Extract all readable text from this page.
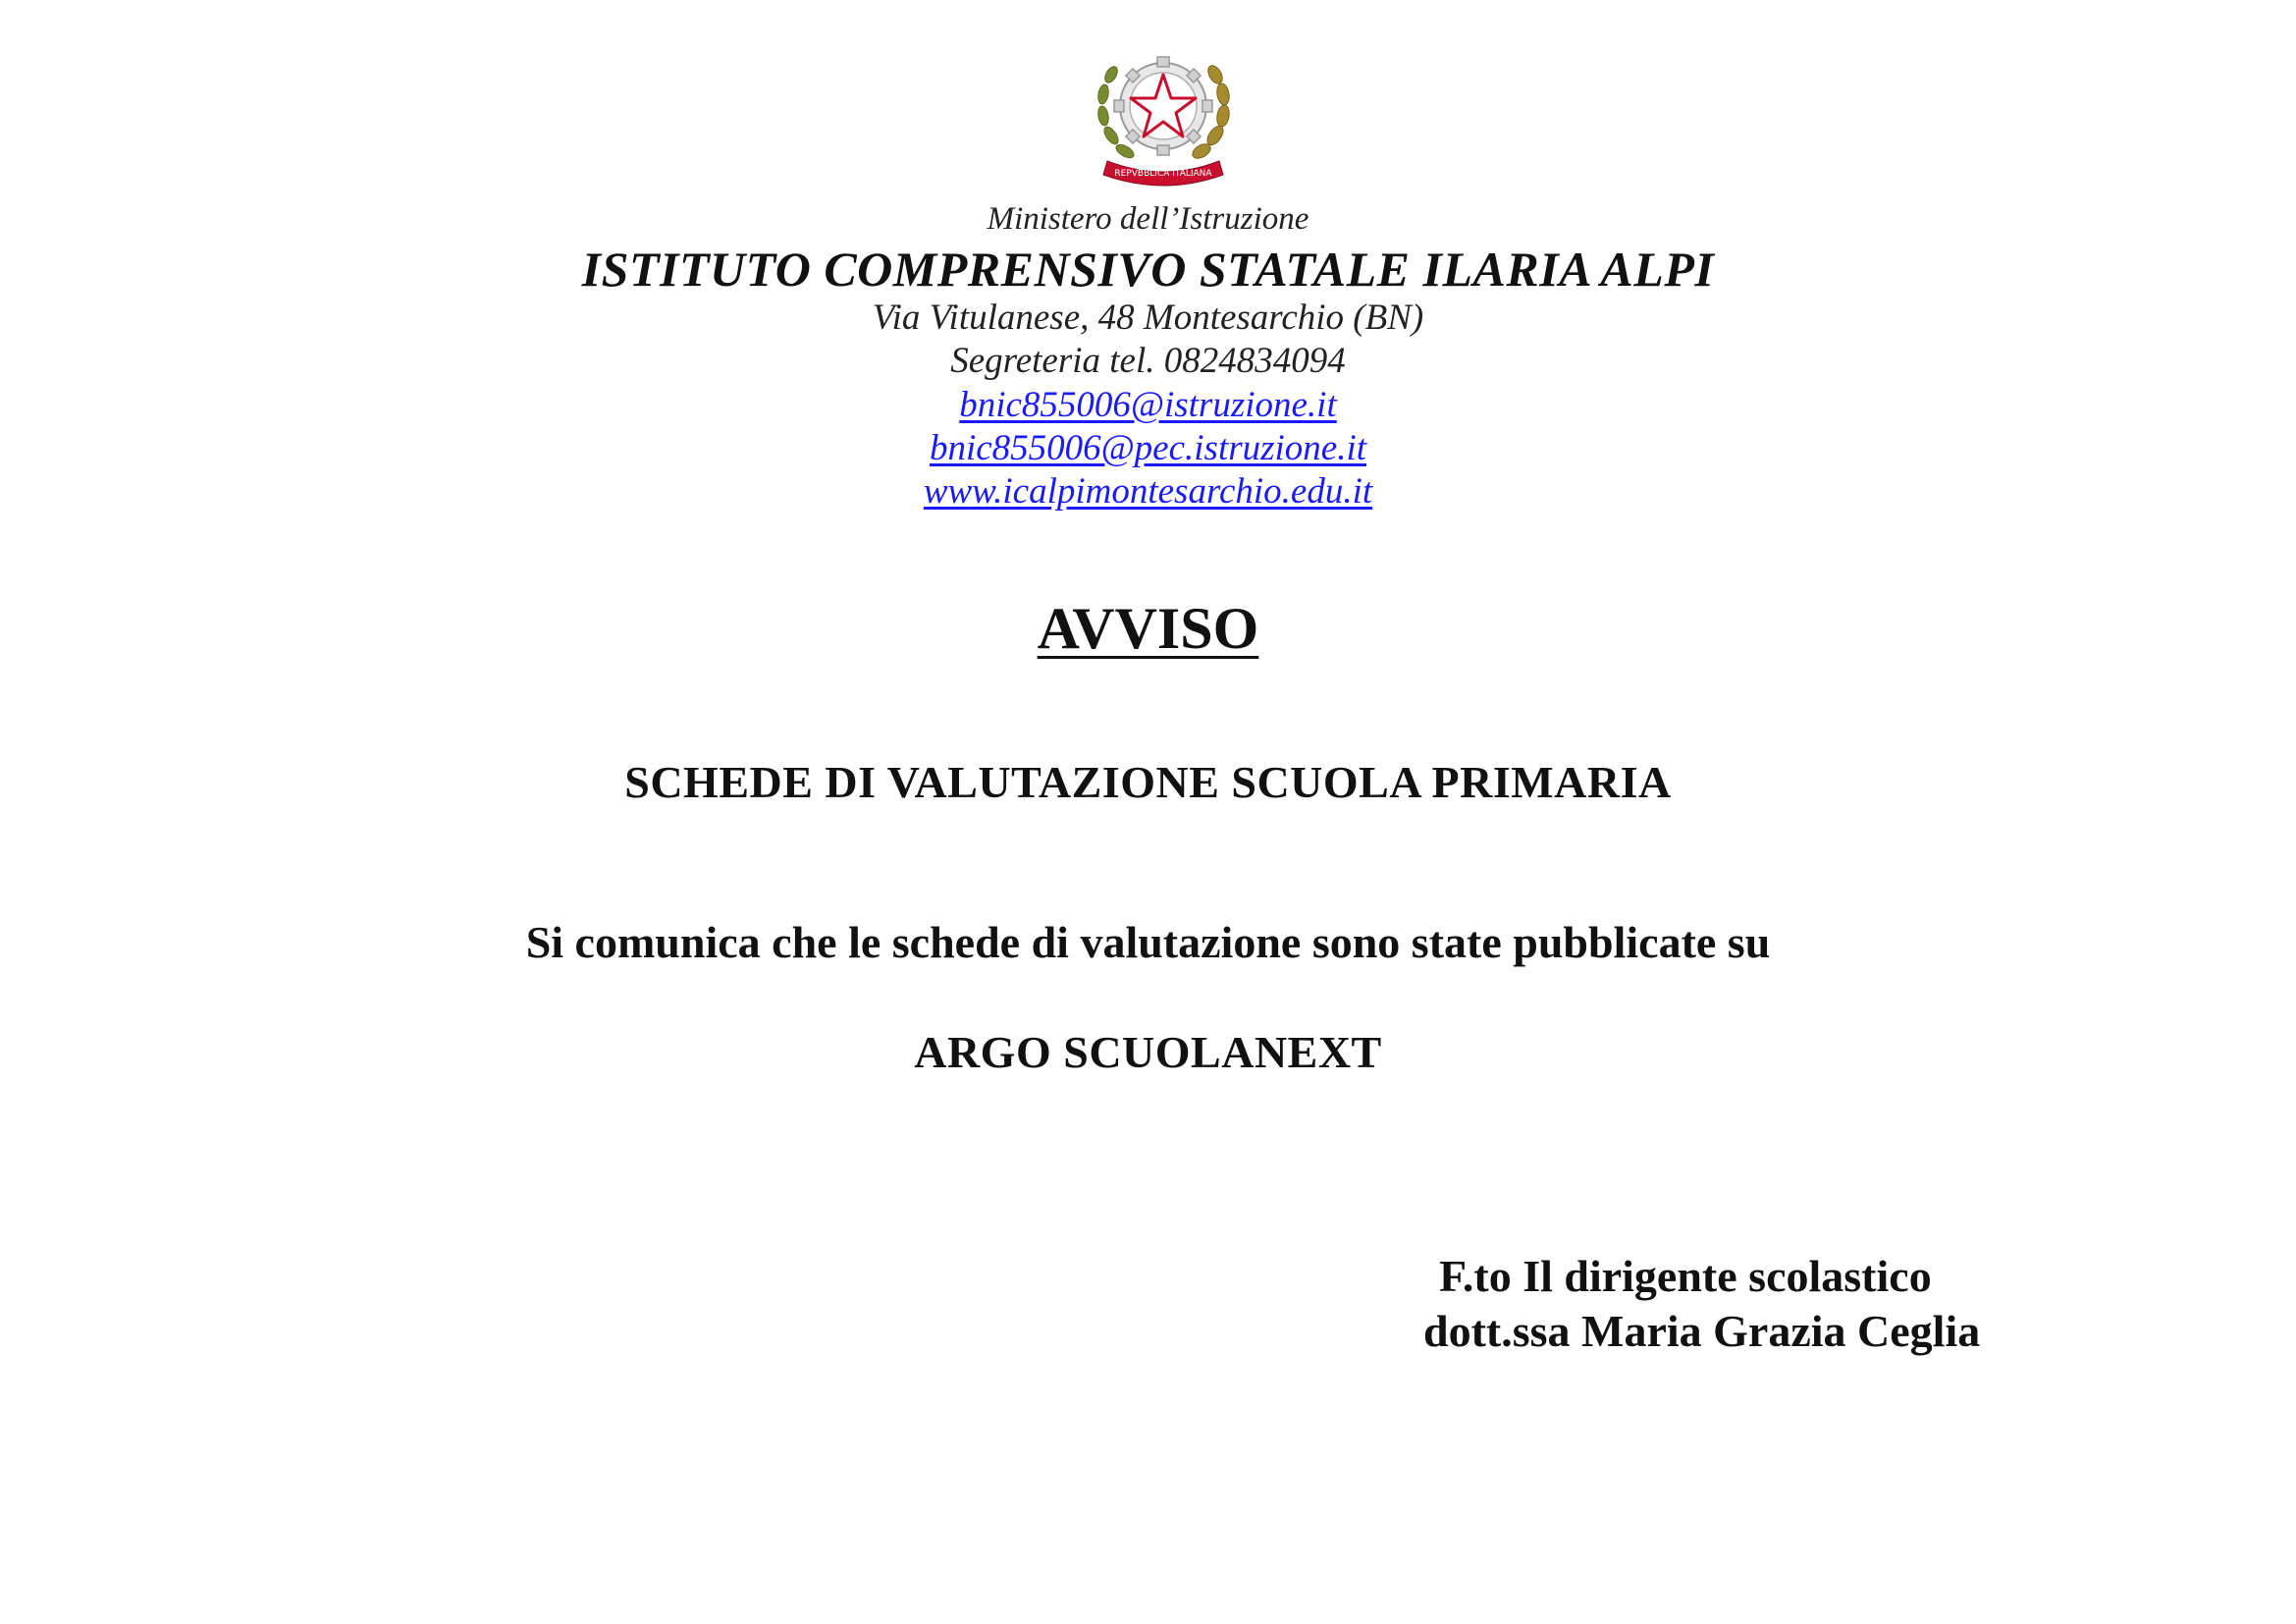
REPVBBLICA ITALIANA
Ministero dell’Istruzione
ISTITUTO COMPRENSIVO STATALE ILARIA ALPI
Via Vitulanese, 48 Montesarchio (BN)
Segreteria tel. 0824834094
bnic855006@istruzione.it
bnic855006@pec.istruzione.it
www.icalpimontesarchio.edu.it
AVVISO
SCHEDE DI VALUTAZIONE SCUOLA PRIMARIA
Si comunica che le schede di valutazione sono state pubblicate su
ARGO SCUOLANEXT
F.to Il dirigente scolastico
dott.ssa Maria Grazia Ceglia
